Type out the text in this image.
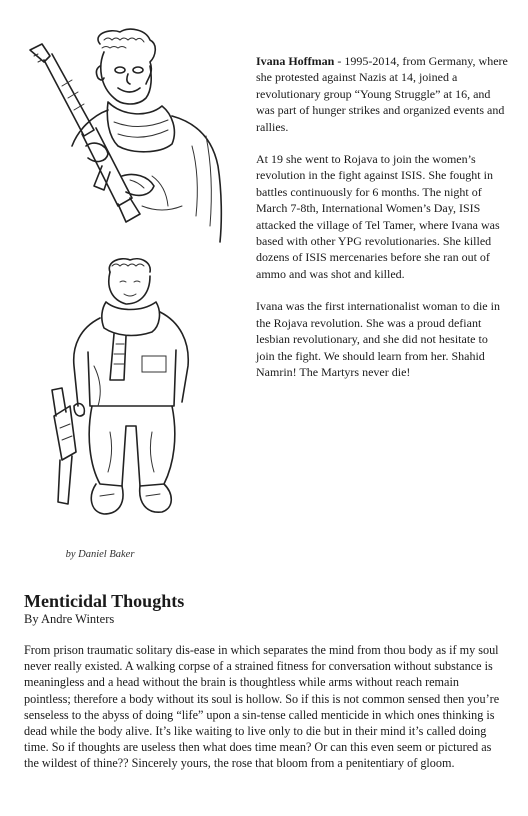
by Daniel Baker

Ivana Hoffman - 1995-2014, from Germany, where she protested against Nazis at 14, joined a revolutionary group “Young Struggle” at 16, and was part of hunger strikes and organized events and rallies.

At 19 she went to Rojava to join the women’s revolution in the fight against ISIS. She fought in battles continuously for 6 months. The night of March 7-8th, International Women’s Day, ISIS attacked the village of Tel Tamer, where Ivana was based with other YPG revolutionaries. She killed dozens of ISIS mercenaries before she ran out of ammo and was shot and killed.

Ivana was the first internationalist woman to die in the Rojava revolution. She was a proud defiant lesbian revolutionary, and she did not hesitate to join the fight. We should learn from her. Shahid Namrin! The Martyrs never die!

Menticidal Thoughts
By Andre Winters

From prison traumatic solitary dis-ease in which separates the mind from thou body as if my soul never really existed. A walking corpse of a strained fitness for conversation without substance is meaningless and a head without the brain is thoughtless while arms without reach remain pointless; therefore a body without its soul is hollow. So if this is not common sensed then you’re senseless to the abyss of doing “life” upon a sin-tense called menticide in which ones thinking is dead while the body alive. It’s like waiting to live only to die but in their mind it’s called doing time. So if thoughts are useless then what does time mean? Or can this even seem or pictured as the wildest of thine?? Sincerely yours, the rose that bloom from a penitentiary of gloom.
